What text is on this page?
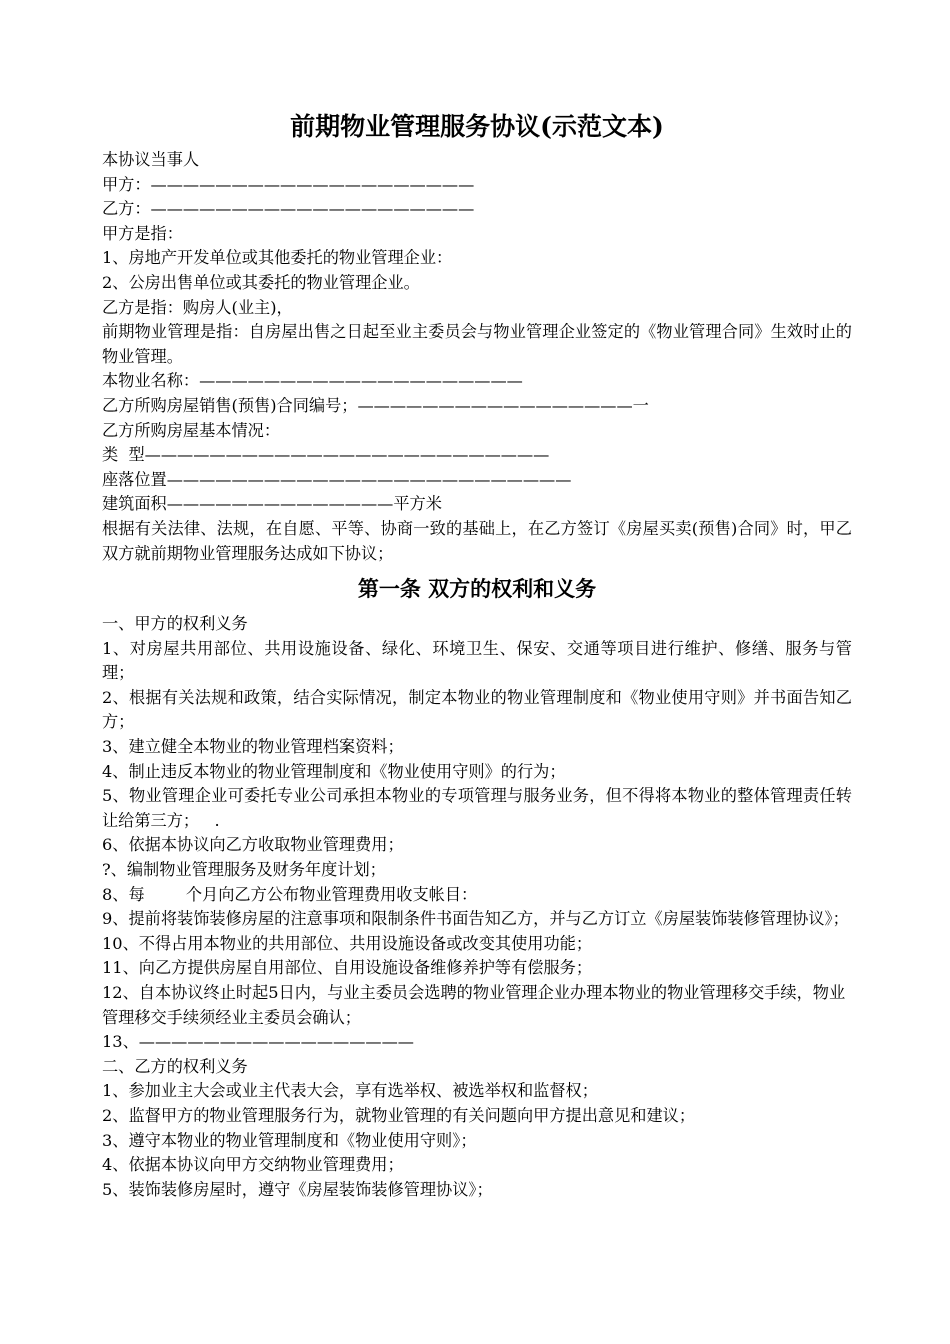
前期物业管理服务协议(示范文本)

本协议当事人

甲方：————————————————————

乙方：————————————————————

甲方是指：

1、房地产开发单位或其他委托的物业管理企业：

2、公房出售单位或其委托的物业管理企业。

乙方是指：购房人(业主)，

前期物业管理是指：自房屋出售之日起至业主委员会与物业管理企业签定的《物业管理合同》生效时止的物业管理。

本物业名称：————————————————————

乙方所购房屋销售(预售)合同编号；—————————————————一

乙方所购房屋基本情况：

类  型—————————————————————————

座落位置—————————————————————————

建筑面积——————————————平方米

根据有关法律、法规，在自愿、平等、协商一致的基础上，在乙方签订《房屋买卖(预售)合同》时，甲乙双方就前期物业管理服务达成如下协议；

第一条 双方的权利和义务

一、甲方的权利义务

1、对房屋共用部位、共用设施设备、绿化、环境卫生、保安、交通等项目进行维护、修缮、服务与管理；

2、根据有关法规和政策，结合实际情况，制定本物业的物业管理制度和《物业使用守则》并书面告知乙方；

3、建立健全本物业的物业管理档案资料；

4、制止违反本物业的物业管理制度和《物业使用守则》的行为；

5、物业管理企业可委托专业公司承担本物业的专项管理与服务业务，但不得将本物业的整体管理责任转让给第三方；   .

6、依据本协议向乙方收取物业管理费用；

?、编制物业管理服务及财务年度计划；

8、每        个月向乙方公布物业管理费用收支帐目：

9、提前将装饰装修房屋的注意事项和限制条件书面告知乙方，并与乙方订立《房屋装饰装修管理协议》；

10、不得占用本物业的共用部位、共用设施设备或改变其使用功能；

11、向乙方提供房屋自用部位、自用设施设备维修养护等有偿服务；

12、自本协议终止时起5日内，与业主委员会选聘的物业管理企业办理本物业的物业管理移交手续，物业管理移交手续须经业主委员会确认；

13、—————————————————

二、乙方的权利义务

1、参加业主大会或业主代表大会，享有选举权、被选举权和监督权；

2、监督甲方的物业管理服务行为，就物业管理的有关问题向甲方提出意见和建议；

3、遵守本物业的物业管理制度和《物业使用守则》；

4、依据本协议向甲方交纳物业管理费用；

5、装饰装修房屋时，遵守《房屋装饰装修管理协议》；
